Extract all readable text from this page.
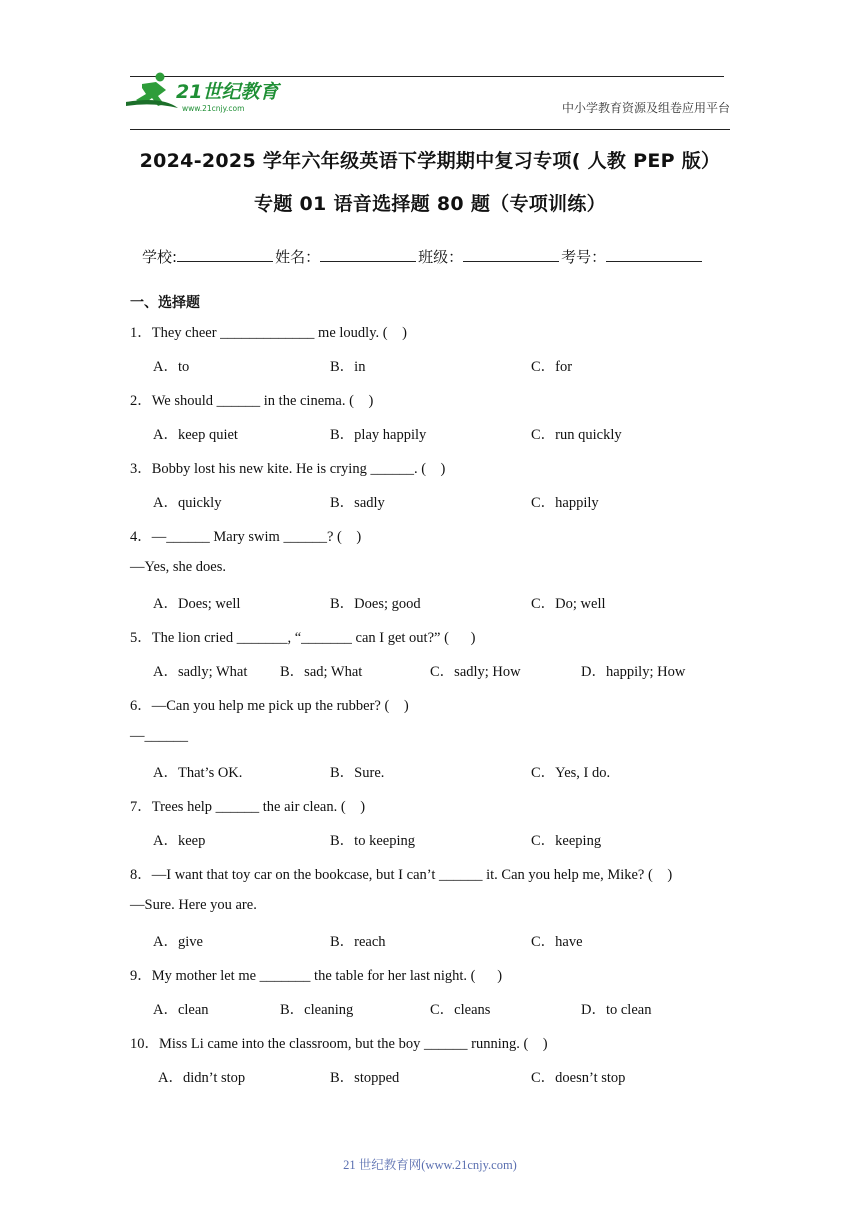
21世纪教育
www.21cnjy.com	中小学教育资源及组卷应用平台
2024-2025 学年六年级英语下学期期中复习专项( 人教 PEP 版）
专题 01 语音选择题 80 题（专项训练）
学校:	姓名：	班级：	考号：
一、选择题
1．They cheer _____________ me loudly. (    )
A．to	B．in	C．for
2．We should ______ in the cinema. (    )
A．keep quiet	B．play happily	C．run quickly
3．Bobby lost his new kite. He is crying ______. (    )
A．quickly	B．sadly	C．happily
4．—______ Mary swim ______? (    )
—Yes, she does.
A．Does; well	B．Does; good	C．Do; well
5．The lion cried _______, “_______ can I get out?” (      )
A．sadly; What B．sad; What	C．sadly; How	D．happily; How
6．—Can you help me pick up the rubber? (    )
—______
A．That’s OK.	B．Sure.	C．Yes, I do.
7．Trees help ______ the air clean. (    )
A．keep	B．to keeping	C．keeping
8．—I want that toy car on the bookcase, but I can’t ______ it. Can you help me, Mike? (    )
—Sure. Here you are.
A．give	B．reach	C．have
9．My mother let me _______ the table for her last night. (      )
A．clean	B．cleaning	C．cleans	D．to clean
10．Miss Li came into the classroom, but the boy ______ running. (    )
A．didn’t stop	B．stopped	C．doesn’t stop
21 世纪教育网(www.21cnjy.com)
